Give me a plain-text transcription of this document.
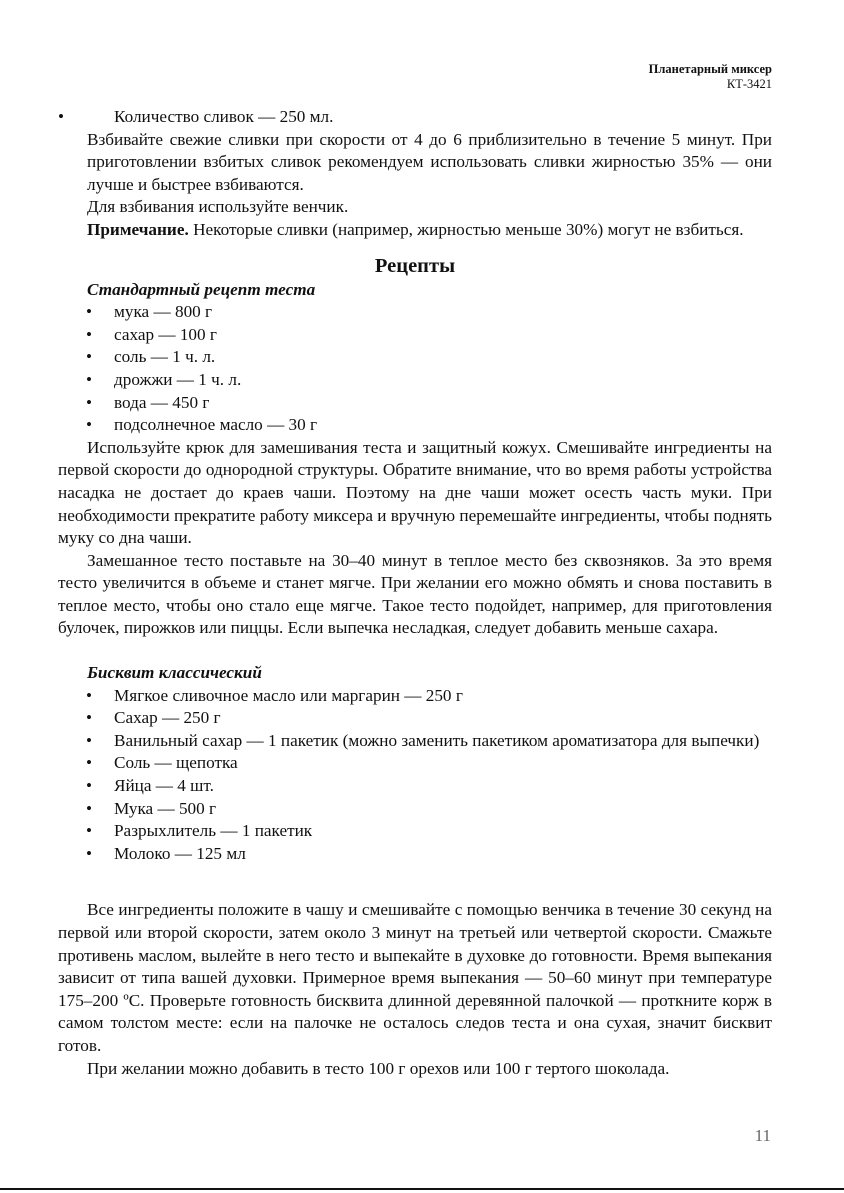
Планетарный миксер
КТ-3421

• Количество сливок — 250 мл.

Взбивайте свежие сливки при скорости от 4 до 6 приблизительно в течение 5 минут. При приготовлении взбитых сливок рекомендуем использовать сливки жирностью 35% — они лучше и быстрее взбиваются.

Для взбивания используйте венчик.

Примечание. Некоторые сливки (например, жирностью меньше 30%) могут не взбиться.

Рецепты
Стандартный рецепт теста

• мука — 800 г

• сахар — 100 г

• соль — 1 ч. л.

• дрожжи — 1 ч. л.

• вода — 450 г

• подсолнечное масло — 30 г

Используйте крюк для замешивания теста и защитный кожух. Смешивайте ингредиенты на первой скорости до однородной структуры. Обратите внимание, что во время работы устройства насадка не достает до краев чаши. Поэтому на дне чаши может осесть часть муки. При необходимости прекратите работу миксера и вручную перемешайте ингредиенты, чтобы поднять муку со дна чаши.

Замешанное тесто поставьте на 30–40 минут в теплое место без сквозняков. За это время тесто увеличится в объеме и станет мягче. При желании его можно обмять и снова поставить в теплое место, чтобы оно стало еще мягче. Такое тесто подойдет, например, для приготовления булочек, пирожков или пиццы. Если выпечка несладкая, следует добавить меньше сахара.

Бисквит классический

• Мягкое сливочное масло или маргарин — 250 г

• Сахар — 250 г

• Ванильный сахар — 1 пакетик (можно заменить пакетиком ароматизатора для выпечки)

• Соль — щепотка

• Яйца — 4 шт.

• Мука — 500 г

• Разрыхлитель — 1 пакетик

• Молоко — 125 мл

Все ингредиенты положите в чашу и смешивайте с помощью венчика в течение 30 секунд на первой или второй скорости, затем около 3 минут на третьей или четвертой скорости. Смажьте противень маслом, вылейте в него тесто и выпекайте в духовке до готовности. Время выпекания зависит от типа вашей духовки. Примерное время выпекания — 50–60 минут при температуре 175–200 ºС. Проверьте готовность бисквита длинной деревянной палочкой — проткните корж в самом толстом месте: если на палочке не осталось следов теста и она сухая, значит бисквит готов.

При желании можно добавить в тесто 100 г орехов или 100 г тертого шоколада.

11
